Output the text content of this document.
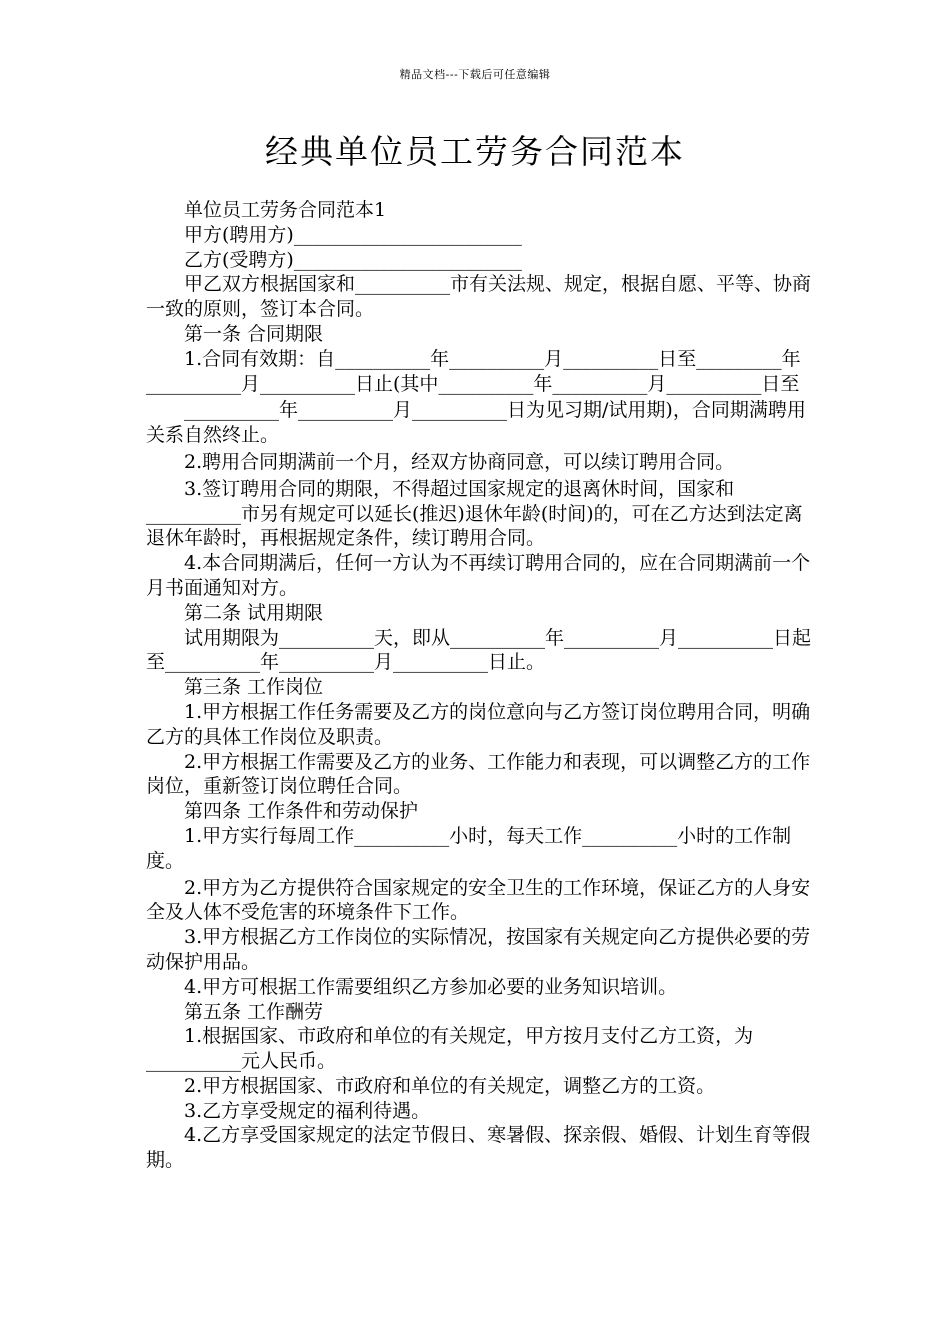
精品文档---下载后可任意编辑
经典单位员工劳务合同范本

单位员工劳务合同范本1

甲方(聘用方)________________________

乙方(受聘方)________________________

甲乙双方根据国家和__________市有关法规、规定，根据自愿、平等、协商一致的原则，签订本合同。

第一条 合同期限

1.合同有效期：自__________年__________月__________日至_________年__________月__________日止(其中__________年__________月__________日至

__________年__________月__________日为见习期/试用期)，合同期满聘用关系自然终止。

2.聘用合同期满前一个月，经双方协商同意，可以续订聘用合同。

3.签订聘用合同的期限，不得超过国家规定的退离休时间，国家和__________市另有规定可以延长(推迟)退休年龄(时间)的，可在乙方达到法定离退休年龄时，再根据规定条件，续订聘用合同。

4.本合同期满后，任何一方认为不再续订聘用合同的，应在合同期满前一个月书面通知对方。

第二条 试用期限

试用期限为__________天，即从__________年__________月__________日起至__________年__________月__________日止。

第三条 工作岗位

1.甲方根据工作任务需要及乙方的岗位意向与乙方签订岗位聘用合同，明确乙方的具体工作岗位及职责。

2.甲方根据工作需要及乙方的业务、工作能力和表现，可以调整乙方的工作岗位，重新签订岗位聘任合同。

第四条 工作条件和劳动保护

1.甲方实行每周工作__________小时，每天工作__________小时的工作制度。

2.甲方为乙方提供符合国家规定的安全卫生的工作环境，保证乙方的人身安全及人体不受危害的环境条件下工作。

3.甲方根据乙方工作岗位的实际情况，按国家有关规定向乙方提供必要的劳动保护用品。

4.甲方可根据工作需要组织乙方参加必要的业务知识培训。

第五条 工作酬劳

1.根据国家、市政府和单位的有关规定，甲方按月支付乙方工资，为__________元人民币。

2.甲方根据国家、市政府和单位的有关规定，调整乙方的工资。

3.乙方享受规定的福利待遇。

4.乙方享受国家规定的法定节假日、寒暑假、探亲假、婚假、计划生育等假期。
